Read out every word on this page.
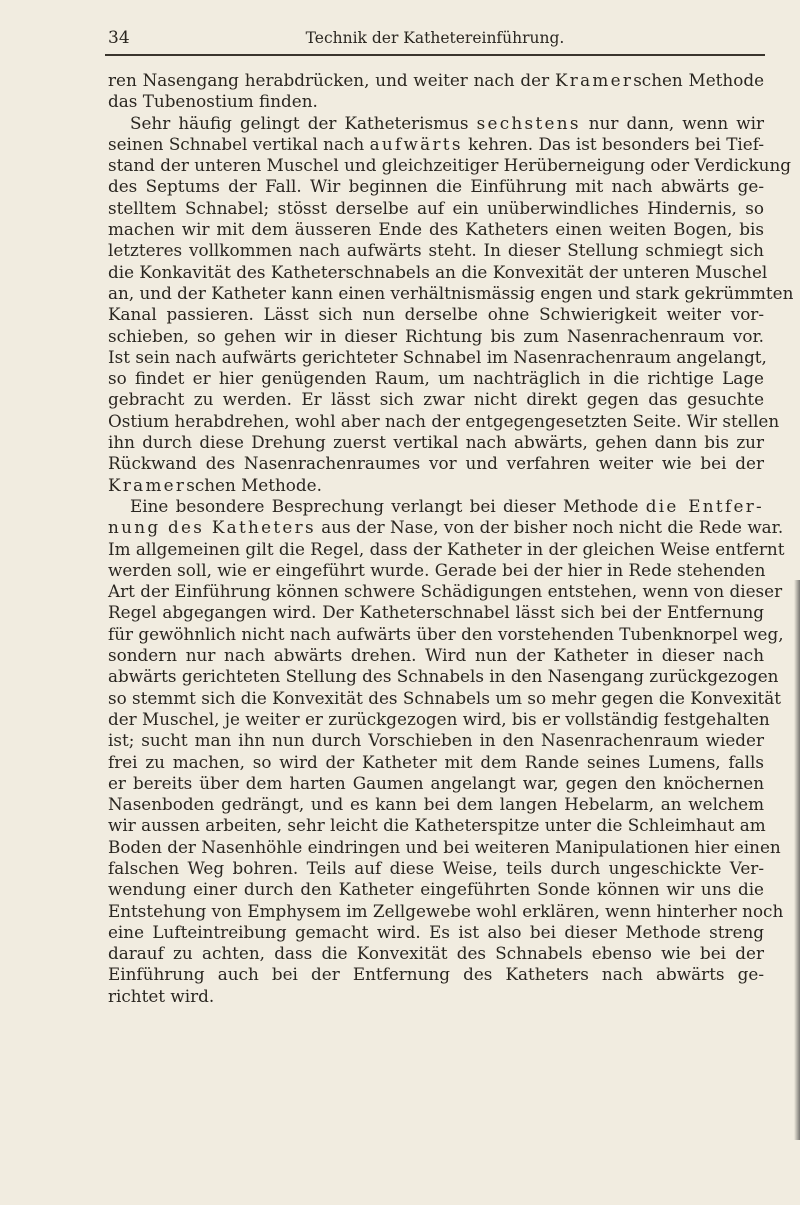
34	Technik der Kathetereinführung.
ren Nasengang herabdrücken, und weiter nach der Kramerschen Methode
das Tubenostium finden.
Sehr häufig gelingt der Katheterismus sechstens nur dann, wenn wir
seinen Schnabel vertikal nach aufwärts kehren. Das ist besonders bei Tief-
stand der unteren Muschel und gleichzeitiger Herüberneigung oder Verdickung
des Septums der Fall. Wir beginnen die Einführung mit nach abwärts ge-
stelltem Schnabel; stösst derselbe auf ein unüberwindliches Hindernis, so
machen wir mit dem äusseren Ende des Katheters einen weiten Bogen, bis
letzteres vollkommen nach aufwärts steht. In dieser Stellung schmiegt sich
die Konkavität des Katheterschnabels an die Konvexität der unteren Muschel
an, und der Katheter kann einen verhältnismässig engen und stark gekrümmten
Kanal passieren. Lässt sich nun derselbe ohne Schwierigkeit weiter vor-
schieben, so gehen wir in dieser Richtung bis zum Nasenrachenraum vor.
Ist sein nach aufwärts gerichteter Schnabel im Nasenrachenraum angelangt,
so findet er hier genügenden Raum, um nachträglich in die richtige Lage
gebracht zu werden. Er lässt sich zwar nicht direkt gegen das gesuchte
Ostium herabdrehen, wohl aber nach der entgegengesetzten Seite. Wir stellen
ihn durch diese Drehung zuerst vertikal nach abwärts, gehen dann bis zur
Rückwand des Nasenrachenraumes vor und verfahren weiter wie bei der
Kramerschen Methode.
Eine besondere Besprechung verlangt bei dieser Methode die Entfer-
nung des Katheters aus der Nase, von der bisher noch nicht die Rede war.
Im allgemeinen gilt die Regel, dass der Katheter in der gleichen Weise entfernt
werden soll, wie er eingeführt wurde. Gerade bei der hier in Rede stehenden
Art der Einführung können schwere Schädigungen entstehen, wenn von dieser
Regel abgegangen wird. Der Katheterschnabel lässt sich bei der Entfernung
für gewöhnlich nicht nach aufwärts über den vorstehenden Tubenknorpel weg,
sondern nur nach abwärts drehen. Wird nun der Katheter in dieser nach
abwärts gerichteten Stellung des Schnabels in den Nasengang zurückgezogen
so stemmt sich die Konvexität des Schnabels um so mehr gegen die Konvexität
der Muschel, je weiter er zurückgezogen wird, bis er vollständig festgehalten
ist; sucht man ihn nun durch Vorschieben in den Nasenrachenraum wieder
frei zu machen, so wird der Katheter mit dem Rande seines Lumens, falls
er bereits über dem harten Gaumen angelangt war, gegen den knöchernen
Nasenboden gedrängt, und es kann bei dem langen Hebelarm, an welchem
wir aussen arbeiten, sehr leicht die Katheterspitze unter die Schleimhaut am
Boden der Nasenhöhle eindringen und bei weiteren Manipulationen hier einen
falschen Weg bohren. Teils auf diese Weise, teils durch ungeschickte Ver-
wendung einer durch den Katheter eingeführten Sonde können wir uns die
Entstehung von Emphysem im Zellgewebe wohl erklären, wenn hinterher noch
eine Lufteintreibung gemacht wird. Es ist also bei dieser Methode streng
darauf zu achten, dass die Konvexität des Schnabels ebenso wie bei der
Einführung auch bei der Entfernung des Katheters nach abwärts ge-
richtet wird.
